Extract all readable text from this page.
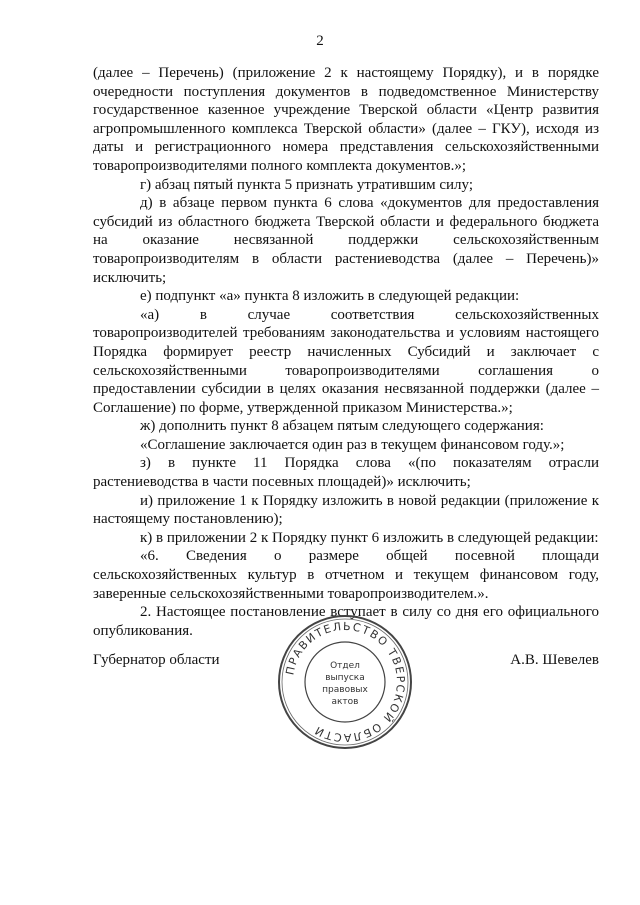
2

(далее – Перечень) (приложение 2 к настоящему Порядку), и в порядке очередности поступления документов в подведомственное Министерству государственное казенное учреждение Тверской области «Центр развития агропромышленного комплекса Тверской области» (далее – ГКУ), исходя из даты и регистрационного номера представления сельскохозяйственными товаропроизводителями полного комплекта документов.»;

г) абзац пятый пункта 5 признать утратившим силу;

д) в абзаце первом пункта 6 слова «документов для предоставления субсидий из областного бюджета Тверской области и федерального бюджета на оказание несвязанной поддержки сельскохозяйственным товаропроизводителям в области растениеводства (далее – Перечень)» исключить;

е) подпункт «а» пункта 8 изложить в следующей редакции:

«а) в случае соответствия сельскохозяйственных товаропроизводителей требованиям законодательства и условиям настоящего Порядка формирует реестр начисленных Субсидий и заключает с сельскохозяйственными товаропроизводителями соглашения о предоставлении субсидии в целях оказания несвязанной поддержки (далее – Соглашение) по форме, утвержденной приказом Министерства.»;

ж) дополнить пункт 8 абзацем пятым следующего содержания:

«Соглашение заключается один раз в текущем финансовом году.»;

з) в пункте 11 Порядка слова «(по показателям отрасли растениеводства в части посевных площадей)» исключить;

и) приложение 1 к Порядку изложить в новой редакции (приложение к настоящему постановлению);

к) в приложении 2 к Порядку пункт 6 изложить в следующей редакции:

«6. Сведения о размере общей посевной площади сельскохозяйственных культур в отчетном и текущем финансовом году, заверенные сельскохозяйственными товаропроизводителем.».

2. Настоящее постановление вступает в силу со дня его официального опубликования.

Губернатор области	А.В. Шевелев
ПРАВИТЕЛЬСТВО ТВЕРСКОЙ ОБЛАСТИ
Отдел
выпуска
правовых
актов
